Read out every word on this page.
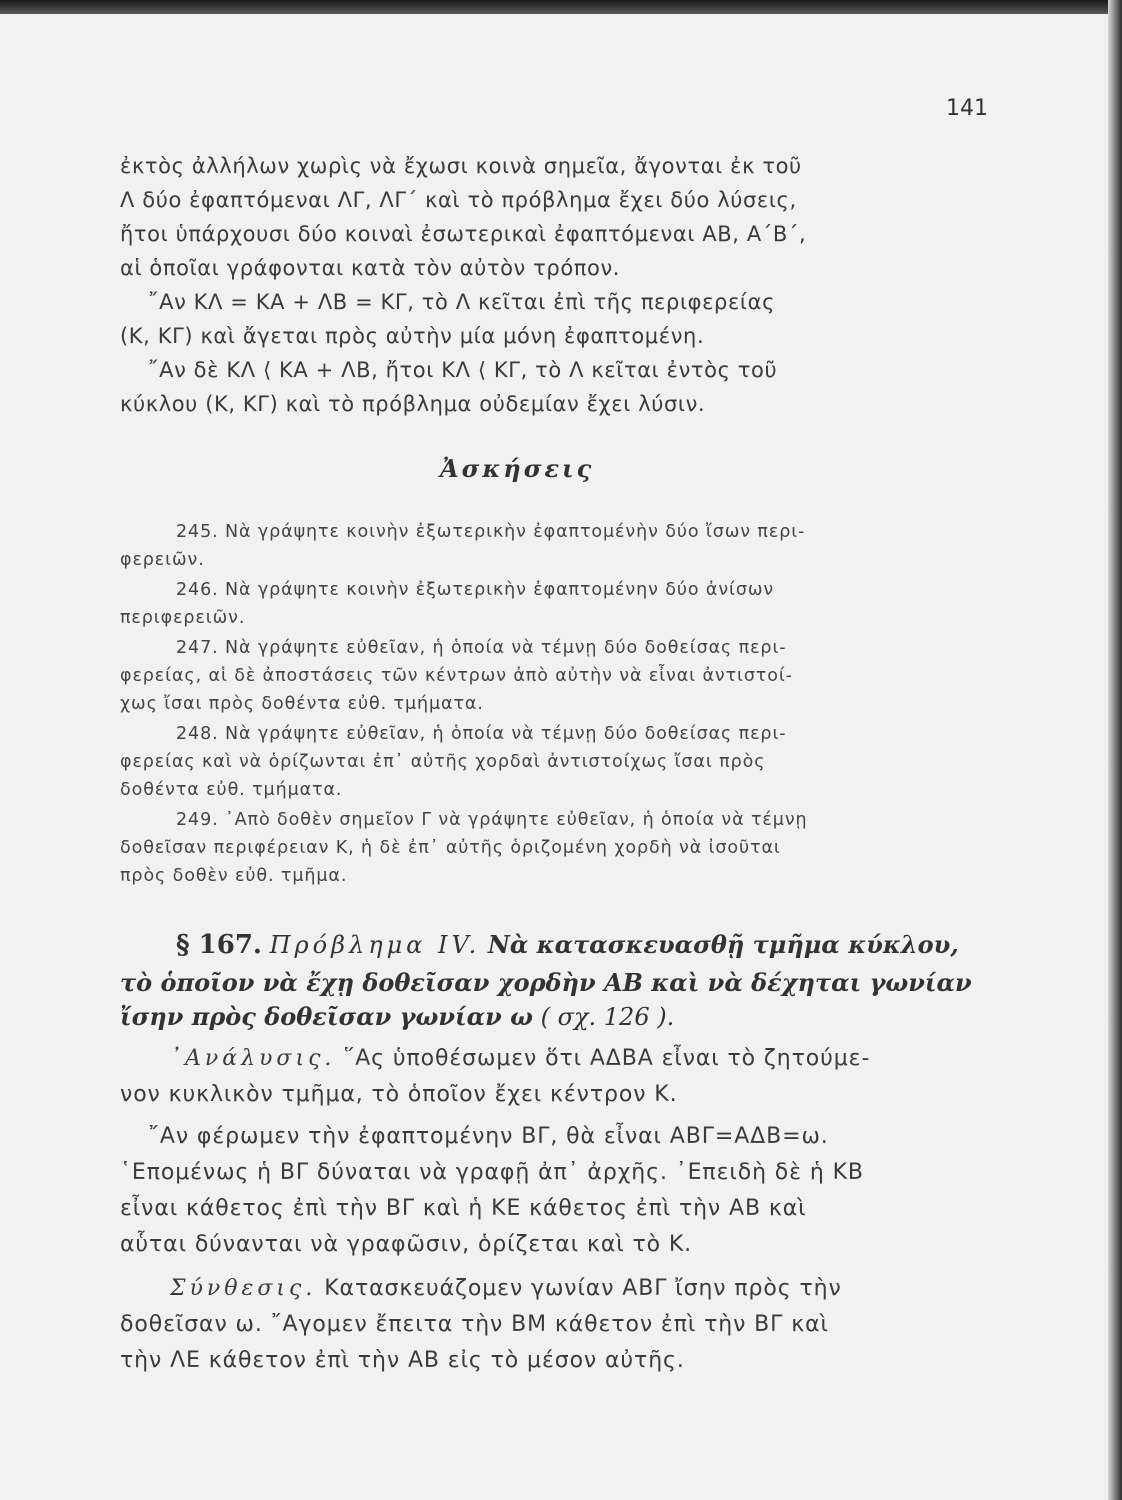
141
ἐκτὸς ἀλλήλων χωρὶς νὰ ἔχωσι κοινὰ σημεῖα, ἄγονται ἐκ τοῦ
Λ δύο ἐφαπτόμεναι ΛΓ, ΛΓ΄ καὶ τὸ πρόβλημα ἔχει δύο λύσεις,
ἤτοι ὑπάρχουσι δύο κοιναὶ ἐσωτερικαὶ ἐφαπτόμεναι ΑΒ, Α΄Β΄,
αἱ ὁποῖαι γράφονται κατὰ τὸν αὐτὸν τρόπον.
῎Αν ΚΛ = ΚΑ + ΛΒ = ΚΓ, τὸ Λ κεῖται ἐπὶ τῆς περιφερείας
(Κ, ΚΓ) καὶ ἄγεται πρὸς αὐτὴν μία μόνη ἐφαπτομένη.
῎Αν δὲ ΚΛ ⟨ ΚΑ + ΛΒ, ἤτοι ΚΛ ⟨ ΚΓ, τὸ Λ κεῖται ἐντὸς τοῦ
κύκλου (Κ, ΚΓ) καὶ τὸ πρόβλημα οὐδεμίαν ἔχει λύσιν.
Ἀσκήσεις
245. Νὰ γράψητε κοινὴν ἐξωτερικὴν ἐφαπτομένὴν δύο ἴσων περι-
φερειῶν.
246. Νὰ γράψητε κοινὴν ἐξωτερικὴν ἐφαπτομένην δύο ἀνίσων
περιφερειῶν.
247. Νὰ γράψητε εὐθεῖαν, ἡ ὁποία νὰ τέμνῃ δύο δοθείσας περι-
φερείας, αἱ δὲ ἀποστάσεις τῶν κέντρων ἀπὸ αὐτὴν νὰ εἶναι ἀντιστοί-
χως ἴσαι πρὸς δοθέντα εὐθ. τμήματα.
248. Νὰ γράψητε εὐθεῖαν, ἡ ὁποία νὰ τέμνῃ δύο δοθείσας περι-
φερείας καὶ νὰ ὁρίζωνται ἐπ᾽ αὐτῆς χορδαὶ ἀντιστοίχως ἴσαι πρὸς
δοθέντα εὐθ. τμήματα.
249. ᾿Απὸ δοθὲν σημεῖον Γ νὰ γράψητε εὐθεῖαν, ἡ ὁποία νὰ τέμνῃ
δοθεῖσαν περιφέρειαν Κ, ἡ δὲ ἐπ᾽ αὐτῆς ὁριζομένη χορδὴ νὰ ἰσοῦται
πρὸς δοθὲν εὐθ. τμῆμα.
§ 167. Πρόβλημα IV. Νὰ κατασκευασθῇ τμῆμα κύκλου,
τὸ ὁποῖον νὰ ἔχῃ δοθεῖσαν χορδὴν ΑΒ καὶ νὰ δέχηται γωνίαν
ἴσην πρὸς δοθεῖσαν γωνίαν ω ( σχ. 126 ).
᾿Ανάλυσις. ῞Ας ὑποθέσωμεν ὅτι ΑΔΒΑ εἶναι τὸ ζητούμε-
νον κυκλικὸν τμῆμα, τὸ ὁποῖον ἔχει κέντρον Κ.
῎Αν φέρωμεν τὴν ἐφαπτομένην ΒΓ, θὰ εἶναι ΑΒΓ=ΑΔΒ=ω.
῾Επομένως ἡ ΒΓ δύναται νὰ γραφῇ ἀπ᾽ ἀρχῆς. ᾿Επειδὴ δὲ ἡ ΚΒ
εἶναι κάθετος ἐπὶ τὴν ΒΓ καὶ ἡ ΚΕ κάθετος ἐπὶ τὴν ΑΒ καὶ
αὗται δύνανται νὰ γραφῶσιν, ὁρίζεται καὶ τὸ Κ.
Σύνθεσις. Κατασκευάζομεν γωνίαν ΑΒΓ ἴσην πρὸς τὴν
δοθεῖσαν ω. ῎Αγομεν ἔπειτα τὴν ΒΜ κάθετον ἐπὶ τὴν ΒΓ καὶ
τὴν ΛΕ κάθετον ἐπὶ τὴν ΑΒ εἰς τὸ μέσον αὐτῆς.
